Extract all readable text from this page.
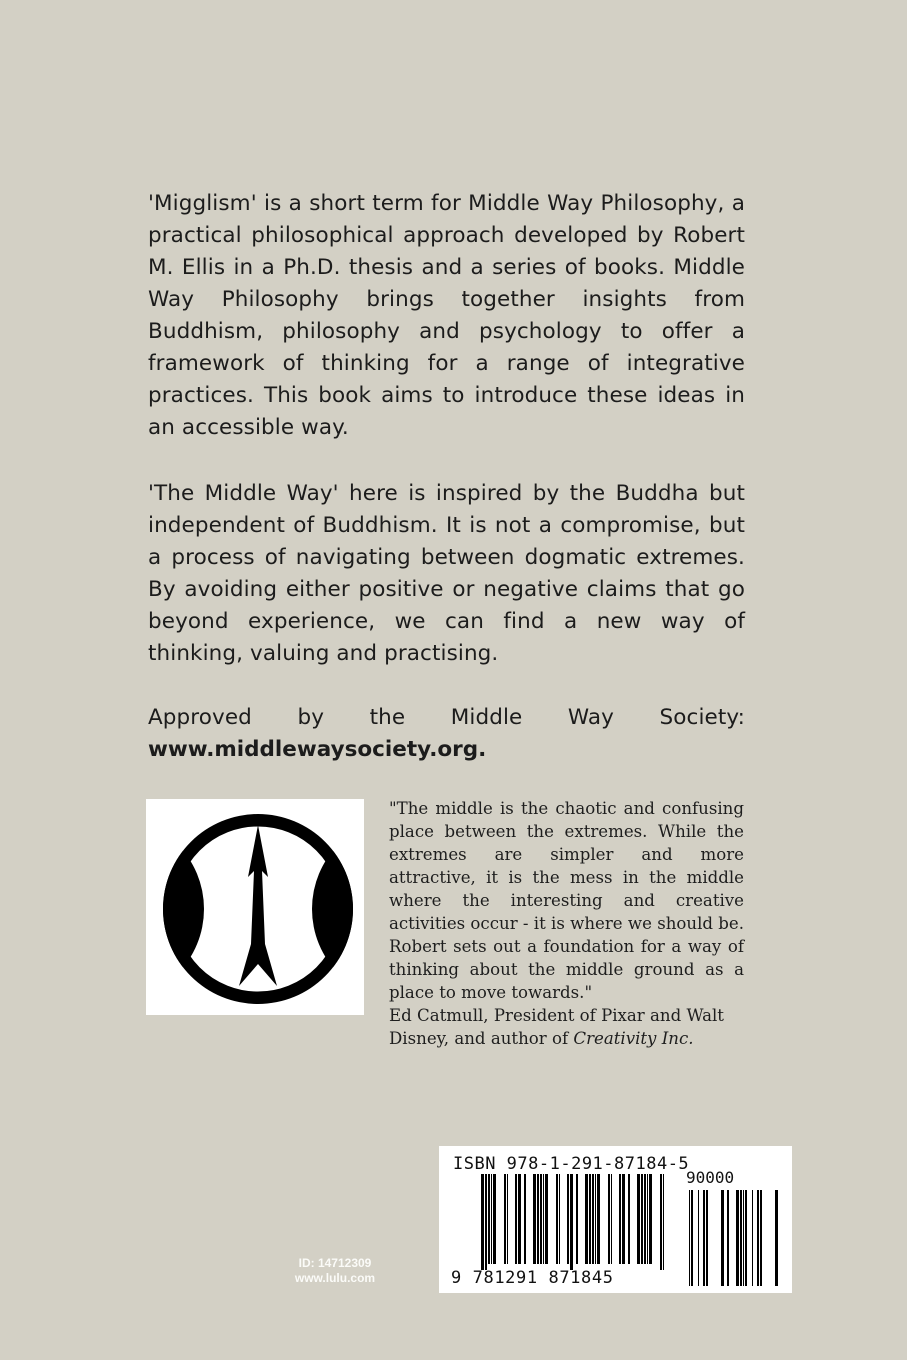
'Migglism' is a short term for Middle Way Philosophy, a practical philosophical approach developed by Robert M. Ellis in a Ph.D. thesis and a series of books. Middle Way Philosophy brings together insights from Buddhism, philosophy and psychology to offer a framework of thinking for a range of integrative practices. This book aims to introduce these ideas in an accessible way.
'The Middle Way' here is inspired by the Buddha but independent of Buddhism. It is not a compromise, but a process of navigating between dogmatic extremes. By avoiding either positive or negative claims that go beyond experience, we can find a new way of thinking, valuing and practising.
Approved by the Middle Way Society:
www.middlewaysociety.org.
"The middle is the chaotic and confusing place between the extremes. While the extremes are simpler and more attractive, it is the mess in the middle where the interesting and creative activities occur - it is where we should be. Robert sets out a foundation for a way of thinking about the middle ground as a place to move towards."
Ed Catmull, President of Pixar and Walt Disney, and author of Creativity Inc.
ISBN 978-1-291-87184-5
90000
9 781291 871845
ID: 14712309
www.lulu.com
